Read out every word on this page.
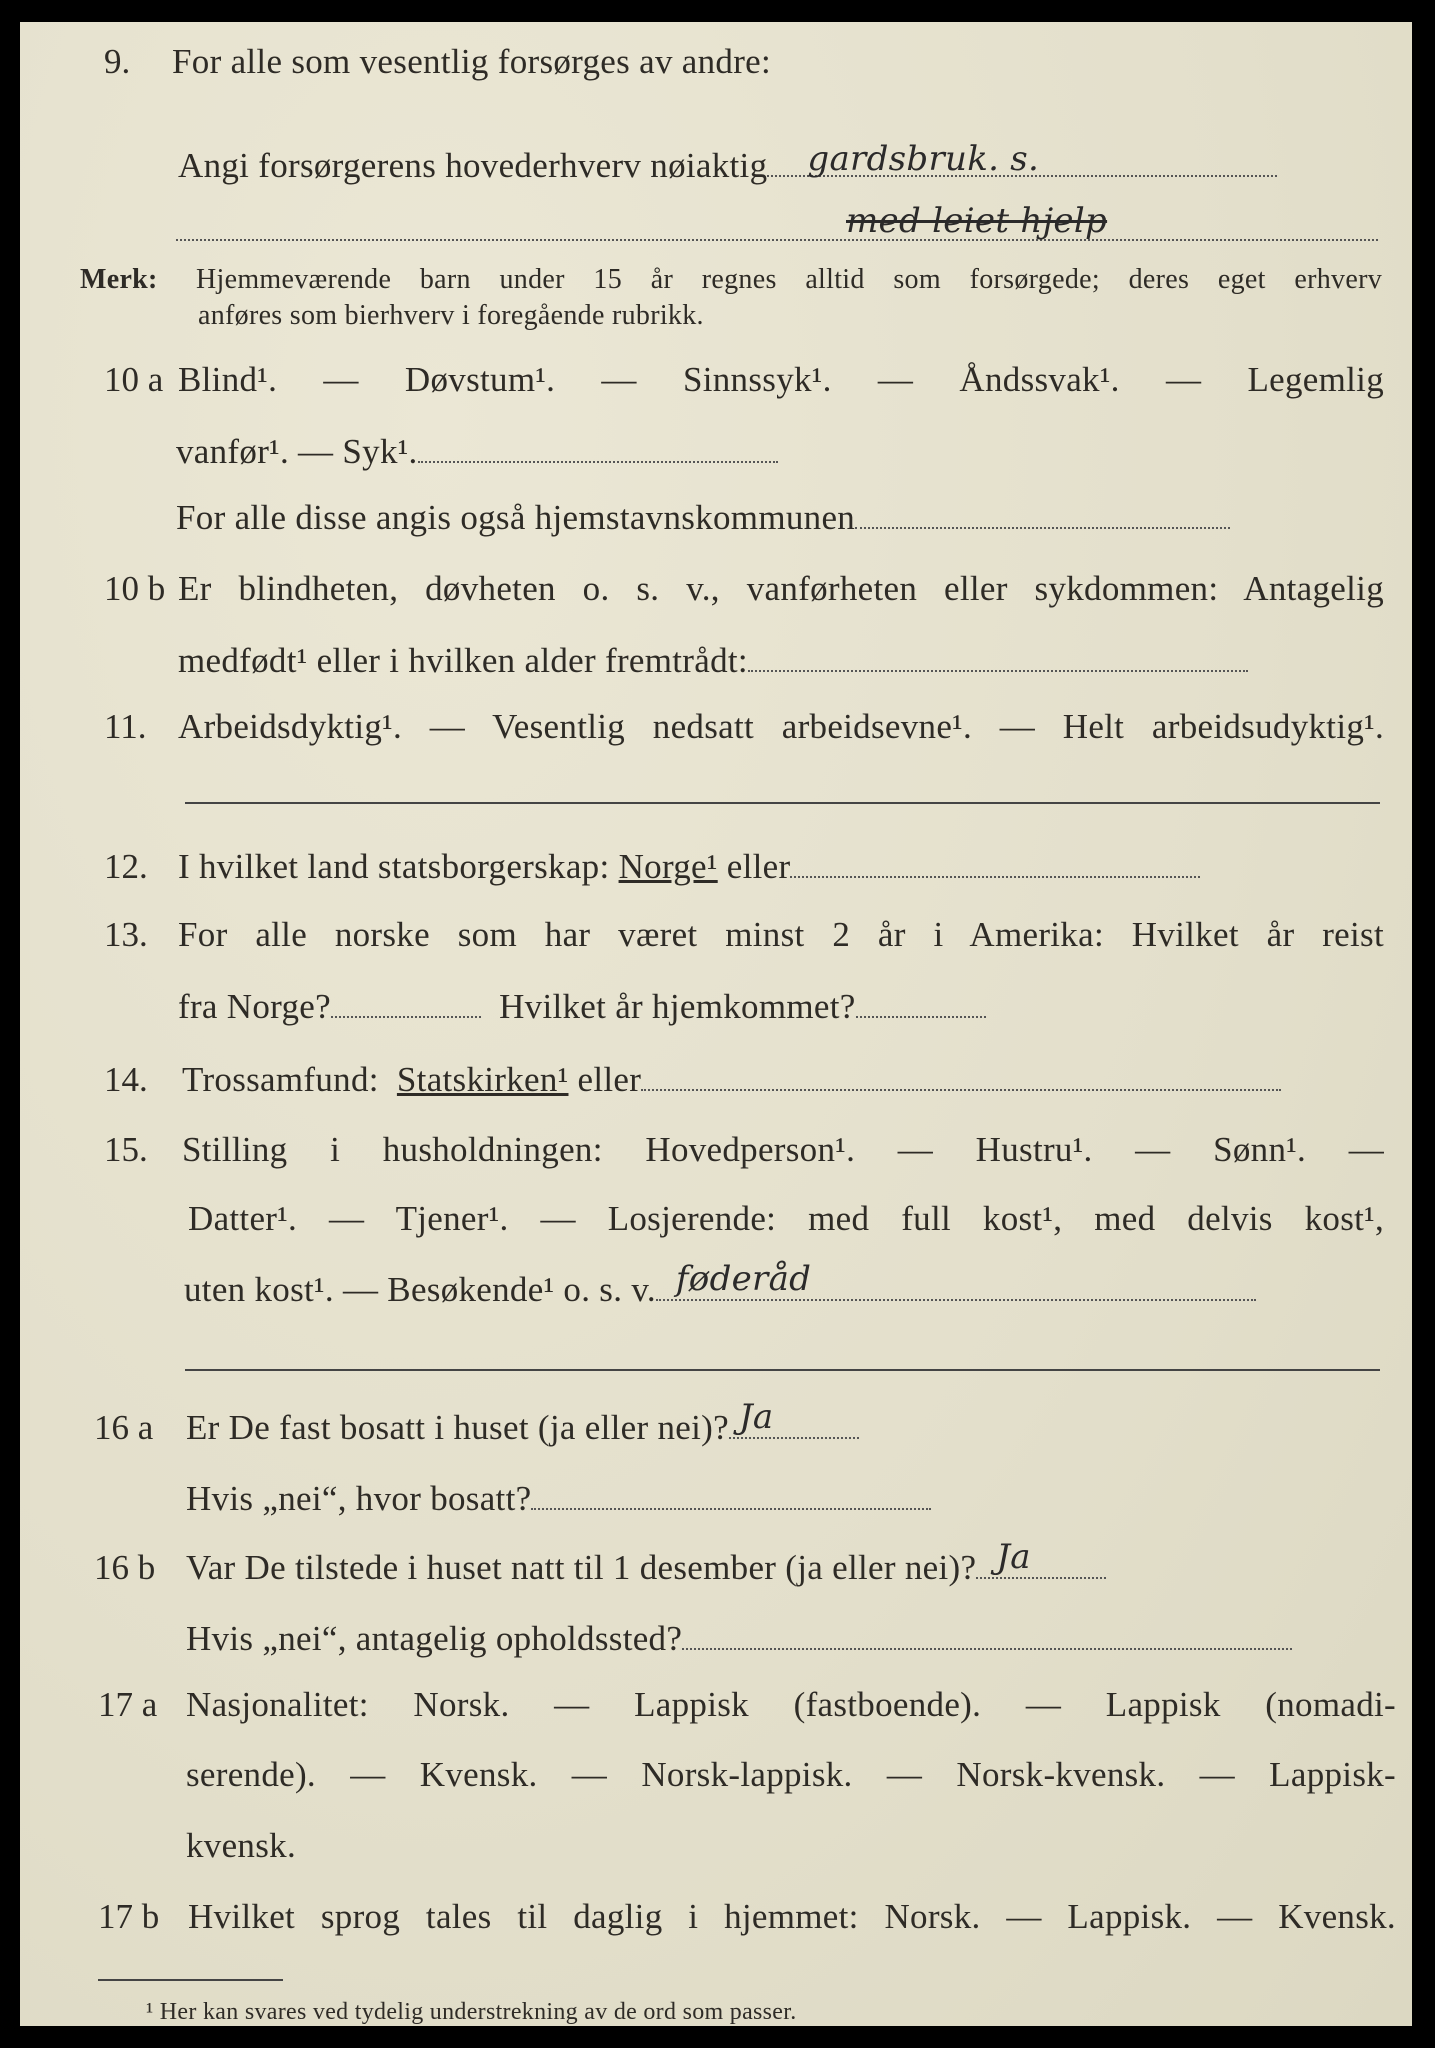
9. For alle som vesentlig forsørges av andre:
Angi forsørgerens hovederhverv nøiaktig gardsbruk. s.
med leiet hjelp
Merk: Hjemmeværende barn under 15 år regnes alltid som forsørgede; deres eget erhverv
anføres som bierhverv i foregående rubrikk.
10 a Blind¹. — Døvstum¹. — Sinnssyk¹. — Åndssvak¹. — Legemlig
vanfør¹. — Syk¹.
For alle disse angis også hjemstavnskommunen
10 b Er blindheten, døvheten o. s. v., vanførheten eller sykdommen: Antagelig
medfødt¹ eller i hvilken alder fremtrådt:
11. Arbeidsdyktig¹. — Vesentlig nedsatt arbeidsevne¹. — Helt arbeidsudyktig¹.
12. I hvilket land statsborgerskap: Norge¹ eller
13. For alle norske som har været minst 2 år i Amerika: Hvilket år reist
fra Norge?	Hvilket år hjemkommet?
14. Trossamfund: Statskirken¹ eller
15. Stilling i husholdningen: Hovedperson¹. — Hustru¹. — Sønn¹. —
Datter¹. — Tjener¹. — Losjerende: med full kost¹, med delvis kost¹,
uten kost¹. — Besøkende¹ o. s. v. føderåd
16 a Er De fast bosatt i huset (ja eller nei)? Ja
Hvis „nei“, hvor bosatt?
16 b Var De tilstede i huset natt til 1 desember (ja eller nei)? Ja
Hvis „nei“, antagelig opholdssted?
17 a Nasjonalitet: Norsk. — Lappisk (fastboende). — Lappisk (nomadi-
serende). — Kvensk. — Norsk-lappisk. — Norsk-kvensk. — Lappisk-
kvensk.
17 b Hvilket sprog tales til daglig i hjemmet: Norsk. — Lappisk. — Kvensk.
¹ Her kan svares ved tydelig understrekning av de ord som passer.
